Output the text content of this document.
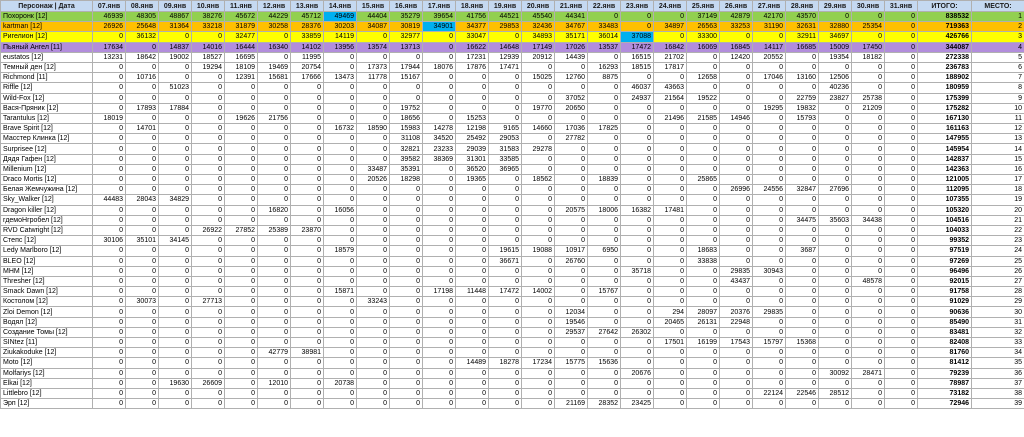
Персонаж | Дата	07.янв	08.янв	09.янв	10.янв	11.янв	12.янв	13.янв	14.янв	15.янв	16.янв	17.янв	18.янв	19.янв	20.янв	21.янв	22.янв	23.янв	24.янв	25.янв	26.янв	27.янв	28.янв	29.янв	30.янв	31.янв	ИТОГО:	МЕСТО:
Похоронк [12]	46939	48305	48867	38276	45672	44229	45712	49469	44404	35279	39654	41756	44521	45540	44341	0	0	0	37149	42879	42170	43570	0	0	0	838532	1
kartman [12]	26926	25648	31364	33218	31879	30258	28376	30203	34087	30819	34901	34377	29853	32436	34767	33483	0	34897	26563	33253	31190	32631	32880	25354	0	719363	2
Ригелион [12]	0	36132	0	0	32477	0	33859	14119	0	32977	0	33047	0	34893	35171	36014	37088	0	33300	0	0	32911	34697	0	0	426766	3
Пьяный Ангел [11]	17634	0	14837	14016	16444	16340	14102	13956	13574	13713	0	16622	14648	17149	17026	13537	17472	16842	16069	16845	14117	16685	15009	17450	0	344087	4
eustatos [12]	13231	18642	19002	18527	16695	0	11995	0	0	0	0	17231	12939	20912	14439	0	16515	21702	0	12420	20552	0	19354	18182	0	272338	5
Темный ден [12]	0	0	0	19294	18109	19469	20754	0	17373	17944	18076	17876	17471	0	0	16293	18515	17817	0	0	0	0	0	0	0	236783	6
Richmond [11]	0	10716	0	0	12391	15681	17666	13473	11778	15167	0	0	0	15025	12760	8875	0	0	12658	0	17046	13160	12506	0	0	188902	7
Riffle [12]	0	0	51023	0	0	0	0	0	0	0	0	0	0	0	0	0	46037	43663	0	0	0	0	40236	0	0	180959	8
Wild-Fox [12]	0	0	0	0	0	0	0	0	0	0	0	0	0	0	37052	0	24937	21564	19522	0	0	22759	23827	25738	0	175399	9
Вася-Пряник [12]	0	17893	17884	0	0	0	0	0	0	19752	0	0	0	19770	20650	0	0	0	0	0	19295	19832	0	21209	0	175282	10
Tarantulus [12]	18019	0	0	0	19626	21756	0	0	0	18656	0	15253	0	0	0	0	0	21496	21585	14946	0	15793	0	0	0	167130	11
Brave Spirit [12]	0	14701	0	0	0	0	0	16732	18590	15983	14278	12198	9165	14660	17036	17825	0	0	0	0	0	0	0	0	0	161163	12
Масстер Клинка [12]	0	0	0	0	0	0	0	0	0	31108	34520	25492	29053	0	27782	0	0	0	0	0	0	0	0	0	0	147955	13
Surprisee [12]	0	0	0	0	0	0	0	0	0	32821	23233	29039	31583	29278	0	0	0	0	0	0	0	0	0	0	0	145954	14
Дядя Гафен [12]	0	0	0	0	0	0	0	0	0	39582	38369	31301	33585	0	0	0	0	0	0	0	0	0	0	0	0	142837	15
Millenium [12]	0	0	0	0	0	0	0	0	33487	35391	0	36520	36965	0	0	0	0	0	0	0	0	0	0	0	0	142363	16
Draco Mortis [12]	0	0	0	0	0	0	0	0	20526	18298	0	19365	0	18562	0	18839	0	0	25865	0	0	0	0	0	0	121005	17
Белая Жемчужина [12]	0	0	0	0	0	0	0	0	0	0	0	0	0	0	0	0	0	0	0	26996	24556	32847	27696	0	0	112095	18
Sky_Walker [12]	44483	28043	34829	0	0	0	0	0	0	0	0	0	0	0	0	0	0	0	0	0	0	0	0	0	0	107355	19
Dragon killer [12]	0	0	0	0	0	16820	0	16056	0	0	0	0	0	0	20575	18006	16382	17481	0	0	0	0	0	0	0	105320	20
rдемоНгробел [12]	0	0	0	0	0	0	0	0	0	0	0	0	0	0	0	0	0	0	0	0	0	34475	35603	34438	0	104516	21
RVD Catwright [12]	0	0	0	26922	27852	25389	23870	0	0	0	0	0	0	0	0	0	0	0	0	0	0	0	0	0	0	104033	22
Степс [12]	30106	35101	34145	0	0	0	0	0	0	0	0	0	0	0	0	0	0	0	0	0	0	0	0	0	0	99352	23
Ledy Marlboro [12]	0	0	0	0	0	0	0	18579	0	0	0	0	19615	19088	10917	6950	0	0	18683	0	0	3687	0	0	0	97519	24
BLEO [12]	0	0	0	0	0	0	0	0	0	0	0	0	36671	0	26760	0	0	0	33838	0	0	0	0	0	0	97269	25
МНМ [12]	0	0	0	0	0	0	0	0	0	0	0	0	0	0	0	0	35718	0	0	29835	30943	0	0	0	0	96496	26
Thresher [12]	0	0	0	0	0	0	0	0	0	0	0	0	0	0	0	0	0	0	0	43437	0	0	0	48578	0	92015	27
Smack Dawn [12]	0	0	0	0	0	0	0	15871	0	0	17198	11448	17472	14002	0	15767	0	0	0	0	0	0	0	0	0	91758	28
Костолом [12]	0	30073	0	27713	0	0	0	0	33243	0	0	0	0	0	0	0	0	0	0	0	0	0	0	0	0	91029	29
Zloi Demon [12]	0	0	0	0	0	0	0	0	0	0	0	0	0	0	12034	0	0	294	28097	20376	29835	0	0	0	0	90636	30
Водял [12]	0	0	0	0	0	0	0	0	0	0	0	0	0	0	19546	0	0	20465	26131	22948	0	0	0	0	0	85490	31
Создание Томы [12]	0	0	0	0	0	0	0	0	0	0	0	0	0	0	29537	27642	26302	0	0	0	0	0	0	0	0	83481	32
SINtez [11]	0	0	0	0	0	0	0	0	0	0	0	0	0	0	0	0	0	17501	16199	17543	15797	15368	0	0	0	82408	33
Ziukakoduke [12]	0	0	0	0	0	42779	38981	0	0	0	0	0	0	0	0	0	0	0	0	0	0	0	0	0	0	81760	34
Moto [12]	0	0	0	0	0	0	0	0	0	0	0	14489	18278	17234	15775	15636	0	0	0	0	0	0	0	0	0	81412	35
Molfariys [12]	0	0	0	0	0	0	0	0	0	0	0	0	0	0	0	0	20676	0	0	0	0	0	30092	28471	0	79239	36
Elkai [12]	0	0	19630	26609	0	12010	0	20738	0	0	0	0	0	0	0	0	0	0	0	0	0	0	0	0	0	78987	37
Littlebro [12]	0	0	0	0	0	0	0	0	0	0	0	0	0	0	0	0	0	0	0	0	22124	22546	28512	0	0	73182	38
Эрп [12]	0	0	0	0	0	0	0	0	0	0	0	0	0	0	21169	28352	23425	0	0	0	0	0	0	0	0	72946	39
